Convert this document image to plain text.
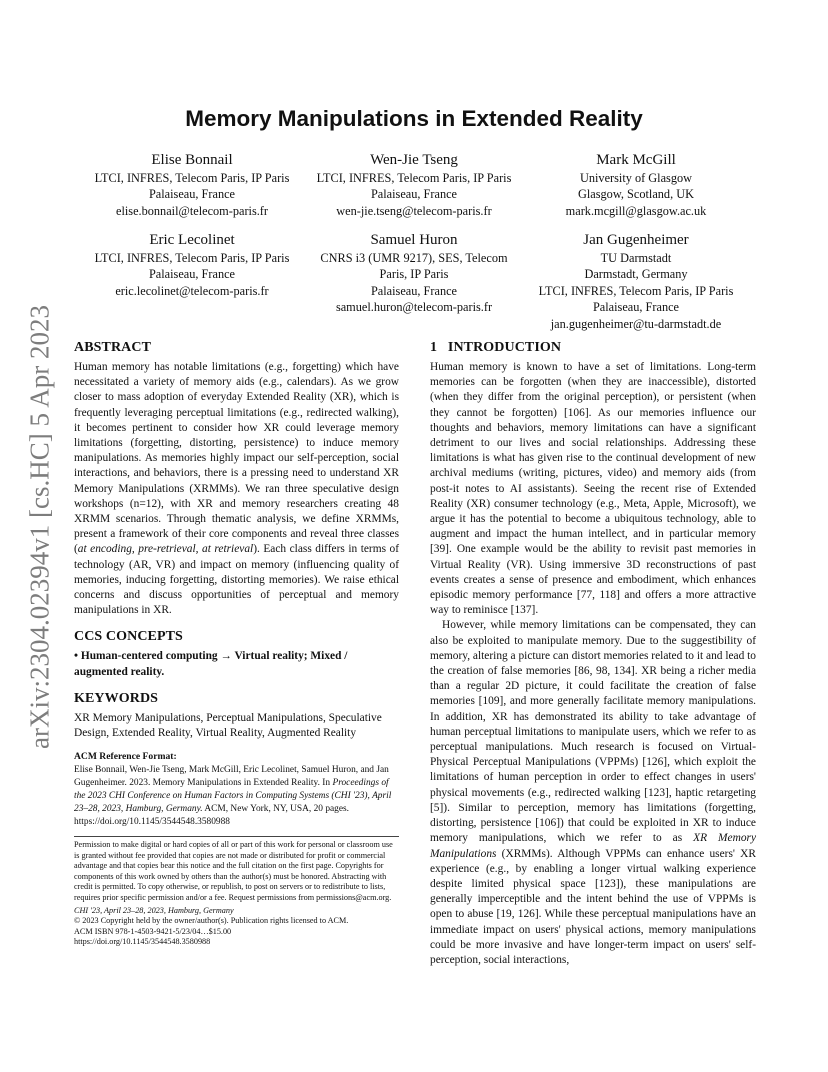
arXiv:2304.02394v1 [cs.HC] 5 Apr 2023
Memory Manipulations in Extended Reality
Elise Bonnail
LTCI, INFRES, Telecom Paris, IP Paris
Palaiseau, France
elise.bonnail@telecom-paris.fr
Wen-Jie Tseng
LTCI, INFRES, Telecom Paris, IP Paris
Palaiseau, France
wen-jie.tseng@telecom-paris.fr
Mark McGill
University of Glasgow
Glasgow, Scotland, UK
mark.mcgill@glasgow.ac.uk
Eric Lecolinet
LTCI, INFRES, Telecom Paris, IP Paris
Palaiseau, France
eric.lecolinet@telecom-paris.fr
Samuel Huron
CNRS i3 (UMR 9217), SES, Telecom
Paris, IP Paris
Palaiseau, France
samuel.huron@telecom-paris.fr
Jan Gugenheimer
TU Darmstadt
Darmstadt, Germany
LTCI, INFRES, Telecom Paris, IP Paris
Palaiseau, France
jan.gugenheimer@tu-darmstadt.de
ABSTRACT

Human memory has notable limitations (e.g., forgetting) which have necessitated a variety of memory aids (e.g., calendars). As we grow closer to mass adoption of everyday Extended Reality (XR), which is frequently leveraging perceptual limitations (e.g., redirected walking), it becomes pertinent to consider how XR could leverage memory limitations (forgetting, distorting, persistence) to induce memory manipulations. As memories highly impact our self-perception, social interactions, and behaviors, there is a pressing need to understand XR Memory Manipulations (XRMMs). We ran three speculative design workshops (n=12), with XR and memory researchers creating 48 XRMM scenarios. Through thematic analysis, we define XRMMs, present a framework of their core components and reveal three classes (at encoding, pre-retrieval, at retrieval). Each class differs in terms of technology (AR, VR) and impact on memory (influencing quality of memories, inducing forgetting, distorting memories). We raise ethical concerns and discuss opportunities of perceptual and memory manipulations in XR.

CCS CONCEPTS

• Human-centered computing → Virtual reality; Mixed / augmented reality.

KEYWORDS

XR Memory Manipulations, Perceptual Manipulations, Speculative Design, Extended Reality, Virtual Reality, Augmented Reality

ACM Reference Format:

Elise Bonnail, Wen-Jie Tseng, Mark McGill, Eric Lecolinet, Samuel Huron, and Jan Gugenheimer. 2023. Memory Manipulations in Extended Reality. In Proceedings of the 2023 CHI Conference on Human Factors in Computing Systems (CHI '23), April 23–28, 2023, Hamburg, Germany. ACM, New York, NY, USA, 20 pages. https://doi.org/10.1145/3544548.3580988

Permission to make digital or hard copies of all or part of this work for personal or classroom use is granted without fee provided that copies are not made or distributed for profit or commercial advantage and that copies bear this notice and the full citation on the first page. Copyrights for components of this work owned by others than the author(s) must be honored. Abstracting with credit is permitted. To copy otherwise, or republish, to post on servers or to redistribute to lists, requires prior specific permission and/or a fee. Request permissions from permissions@acm.org.

CHI '23, April 23–28, 2023, Hamburg, Germany

© 2023 Copyright held by the owner/author(s). Publication rights licensed to ACM.

ACM ISBN 978-1-4503-9421-5/23/04…$15.00

https://doi.org/10.1145/3544548.3580988

1   INTRODUCTION

Human memory is known to have a set of limitations. Long-term memories can be forgotten (when they are inaccessible), distorted (when they differ from the original perception), or persistent (when they cannot be forgotten) [106]. As our memories influence our thoughts and behaviors, memory limitations can have a significant detriment to our lives and social relationships. Addressing these limitations is what has given rise to the continual development of new archival mediums (writing, pictures, video) and memory aids (from post-it notes to AI assistants). Seeing the recent rise of Extended Reality (XR) consumer technology (e.g., Meta, Apple, Microsoft), we argue it has the potential to become a ubiquitous technology, able to augment and impact the human intellect, and in particular memory [39]. One example would be the ability to revisit past memories in Virtual Reality (VR). Using immersive 3D reconstructions of past events creates a sense of presence and embodiment, which enhances episodic memory performance [77, 118] and offers a more attractive way to reminisce [137].

However, while memory limitations can be compensated, they can also be exploited to manipulate memory. Due to the suggestibility of memory, altering a picture can distort memories related to it and lead to the creation of false memories [86, 98, 134]. XR being a richer media than a regular 2D picture, it could facilitate the creation of false memories [109], and more generally facilitate memory manipulations. In addition, XR has demonstrated its ability to take advantage of human perceptual limitations to manipulate users, which we refer to as perceptual manipulations. Much research is focused on Virtual-Physical Perceptual Manipulations (VPPMs) [126], which exploit the limitations of human perception in order to effect changes in users' physical movements (e.g., redirected walking [123], haptic retargeting [5]). Similar to perception, memory has limitations (forgetting, distorting, persistence [106]) that could be exploited in XR to induce memory manipulations, which we refer to as XR Memory Manipulations (XRMMs). Although VPPMs can enhance users' XR experience (e.g., by enabling a longer virtual walking experience despite limited physical space [123]), these manipulations are generally imperceptible and the intent behind the use of VPPMs is open to abuse [19, 126]. While these perceptual manipulations have an immediate impact on users' physical actions, memory manipulations could be more invasive and have longer-term impact on users' self-perception, social interactions,
